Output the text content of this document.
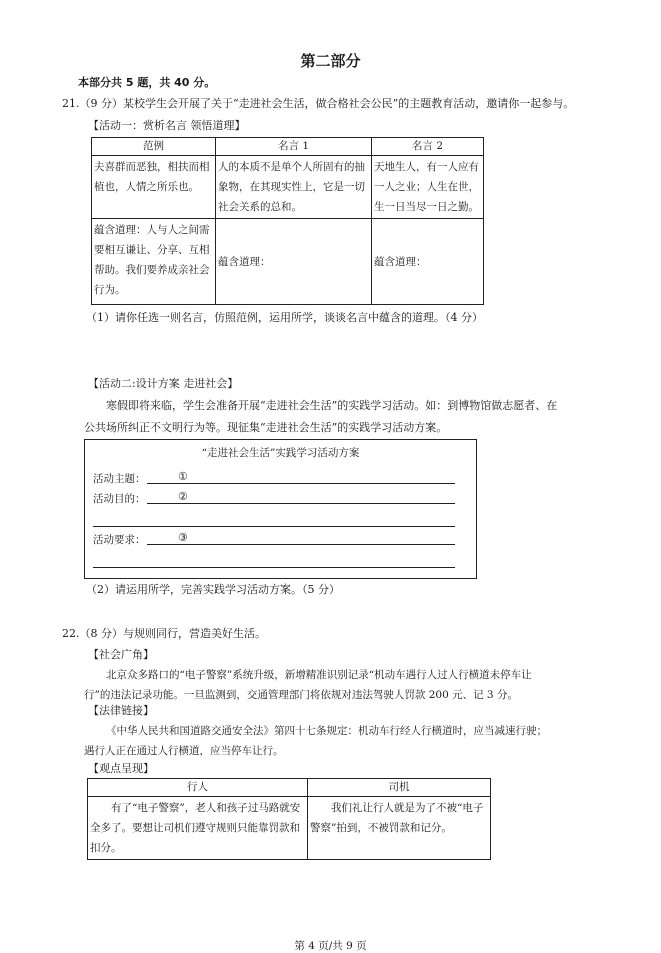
第二部分
本部分共 5 题，共 40 分。
21.（9 分）某校学生会开展了关于“走进社会生活，做合格社会公民”的主题教育活动，邀请你一起参与。
【活动一：赏析名言 领悟道理】
范例	名言 1	名言 2
夫喜群而恶独，相扶而相植也，人情之所乐也。	人的本质不是单个人所固有的抽象物，在其现实性上，它是一切社会关系的总和。	天地生人，有一人应有一人之业；人生在世，生一日当尽一日之勤。
蕴含道理：人与人之间需要相互谦让、分享、互相帮助。我们要养成亲社会行为。	蕴含道理：	蕴含道理：
（1）请你任选一则名言，仿照范例，运用所学，谈谈名言中蕴含的道理。（4 分）
【活动二:设计方案 走进社会】
寒假即将来临，学生会准备开展“走进社会生活”的实践学习活动。如：到博物馆做志愿者、在
公共场所纠正不文明行为等。现征集“走进社会生活”的实践学习活动方案。
“走进社会生活”实践学习活动方案
活动主题：	①
活动目的：	②
活动要求：	③
（2）请运用所学，完善实践学习活动方案。（5 分）
22.（8 分）与规则同行，营造美好生活。
【社会广角】
北京众多路口的“电子警察”系统升级，新增精准识别记录“机动车遇行人过人行横道未停车让
行”的违法记录功能。一旦监测到，交通管理部门将依规对违法驾驶人罚款 200 元、记 3 分。
【法律链接】
《中华人民共和国道路交通安全法》第四十七条规定：机动车行经人行横道时，应当减速行驶；
遇行人正在通过人行横道，应当停车让行。
【观点呈现】
行人	司机
有了“电子警察”，老人和孩子过马路就安全多了。要想让司机们遵守规则只能靠罚款和扣分。	我们礼让行人就是为了不被“电子警察”拍到，不被罚款和记分。
第 4 页/共 9 页
